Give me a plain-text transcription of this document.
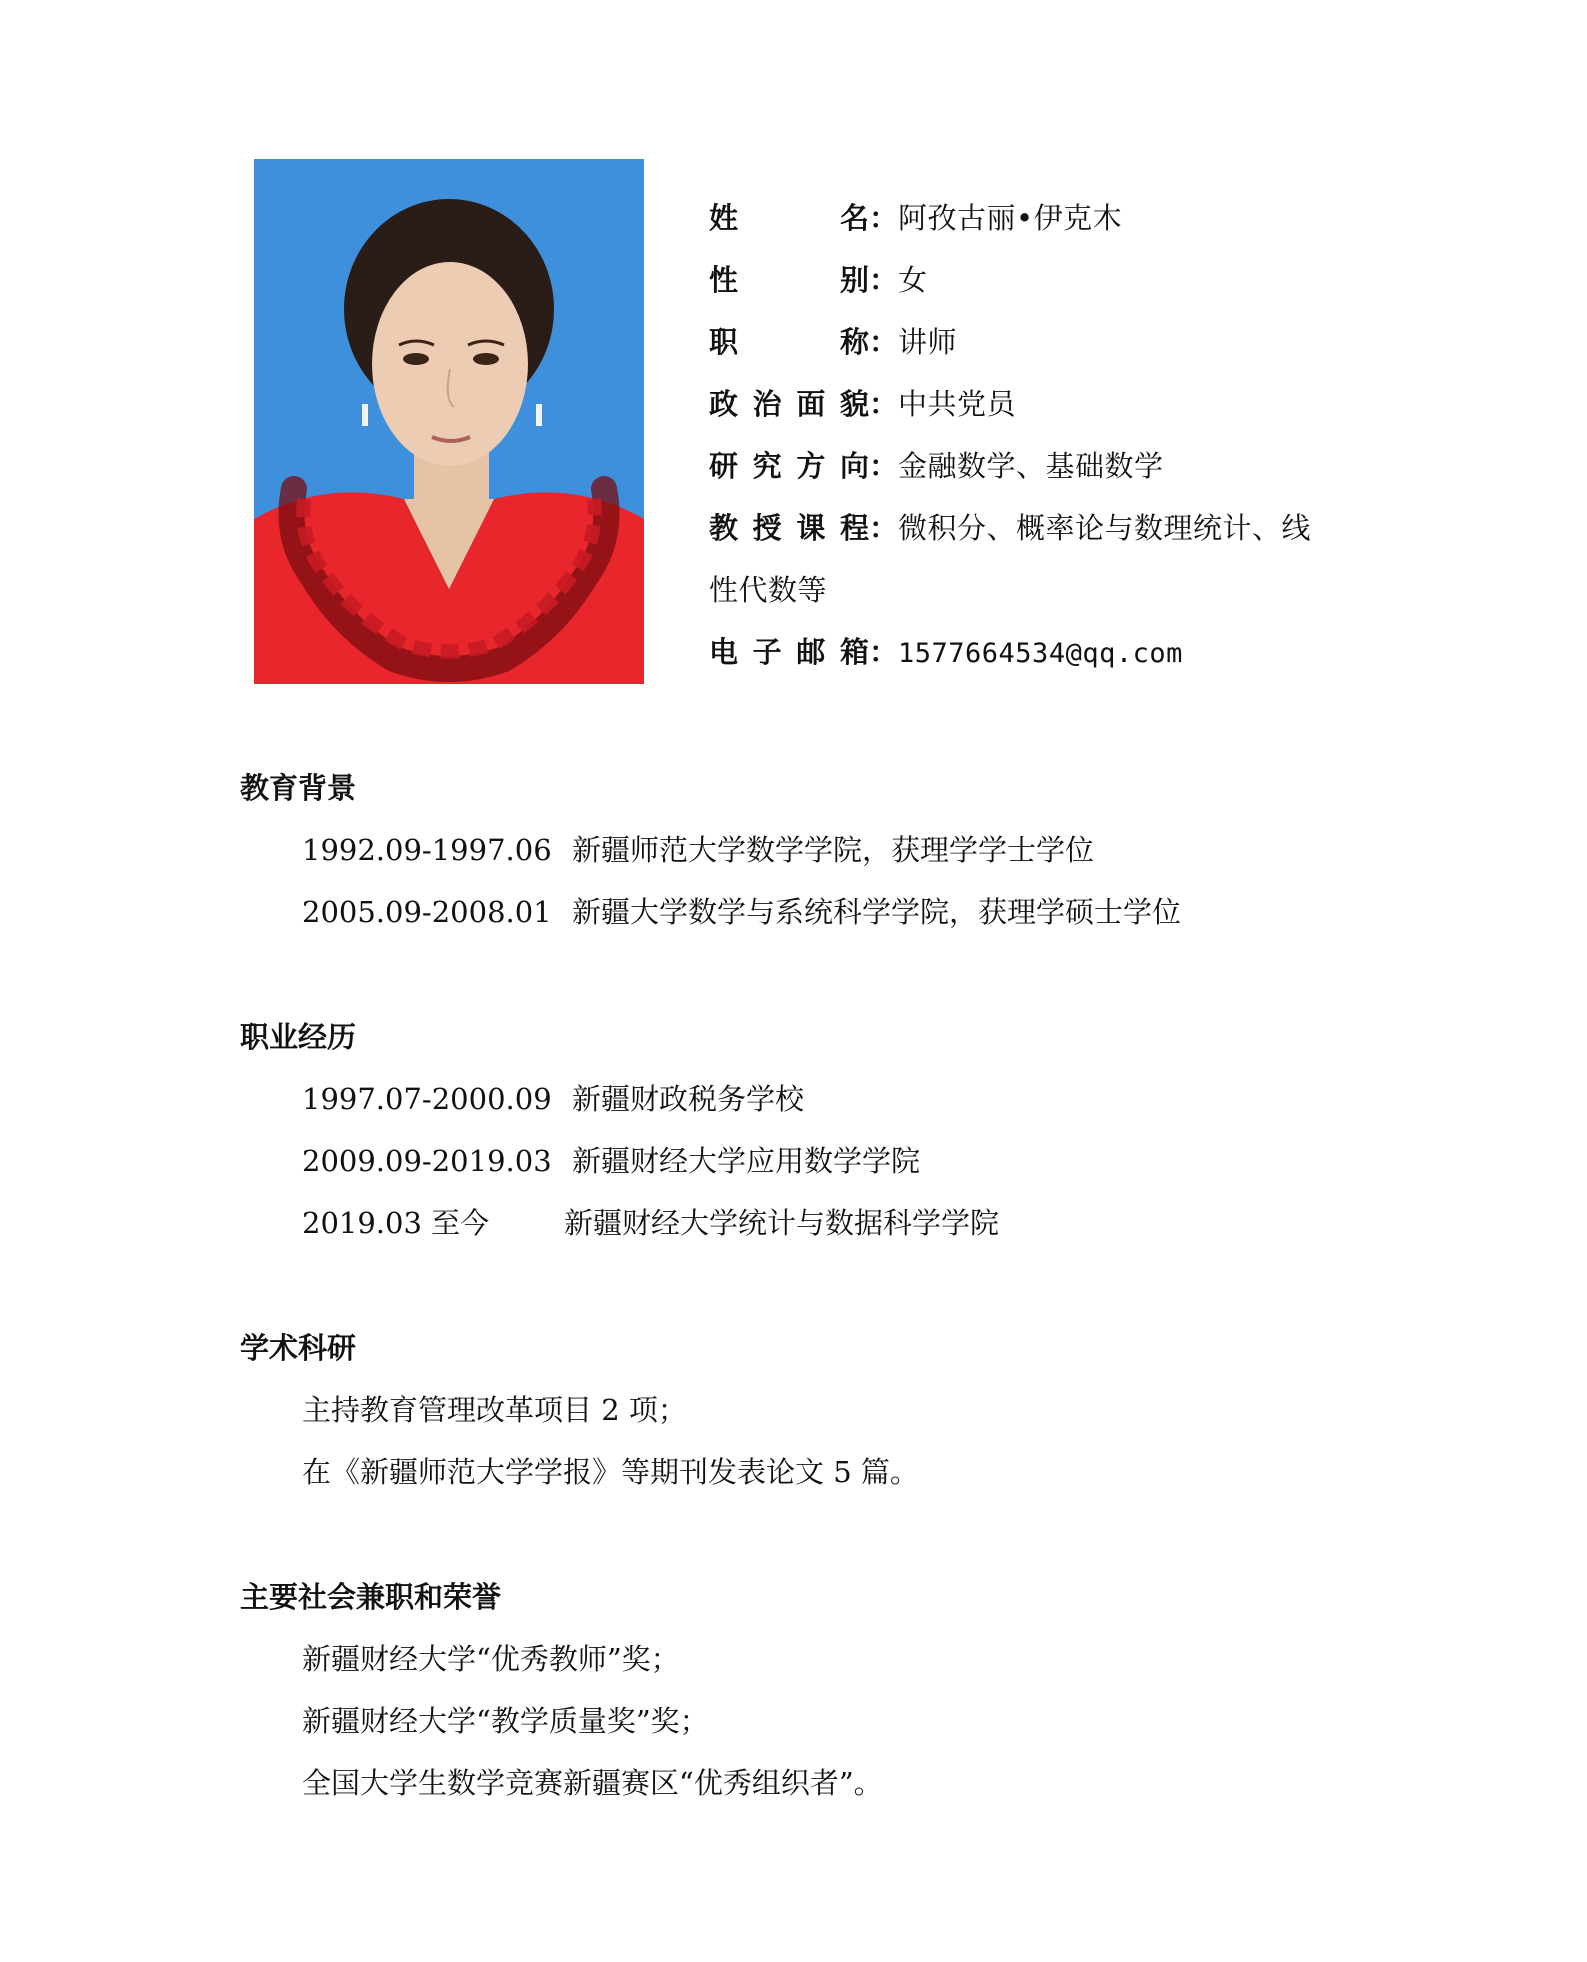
姓　　名：阿孜古丽•伊克木
性　　别：女
职　　称：讲师
政治面貌：中共党员
研究方向：金融数学、基础数学
教授课程：微积分、概率论与数理统计、线
性代数等
电子邮箱：1577664534@qq.com
教育背景
1992.09-1997.06 新疆师范大学数学学院，获理学学士学位
2005.09-2008.01 新疆大学数学与系统科学学院，获理学硕士学位
职业经历
1997.07-2000.09 新疆财政税务学校
2009.09-2019.03 新疆财经大学应用数学学院
2019.03 至今	新疆财经大学统计与数据科学学院
学术科研
主持教育管理改革项目 2 项；
在《新疆师范大学学报》等期刊发表论文 5 篇。
主要社会兼职和荣誉
新疆财经大学“优秀教师”奖；
新疆财经大学“教学质量奖”奖；
全国大学生数学竞赛新疆赛区“优秀组织者”。
